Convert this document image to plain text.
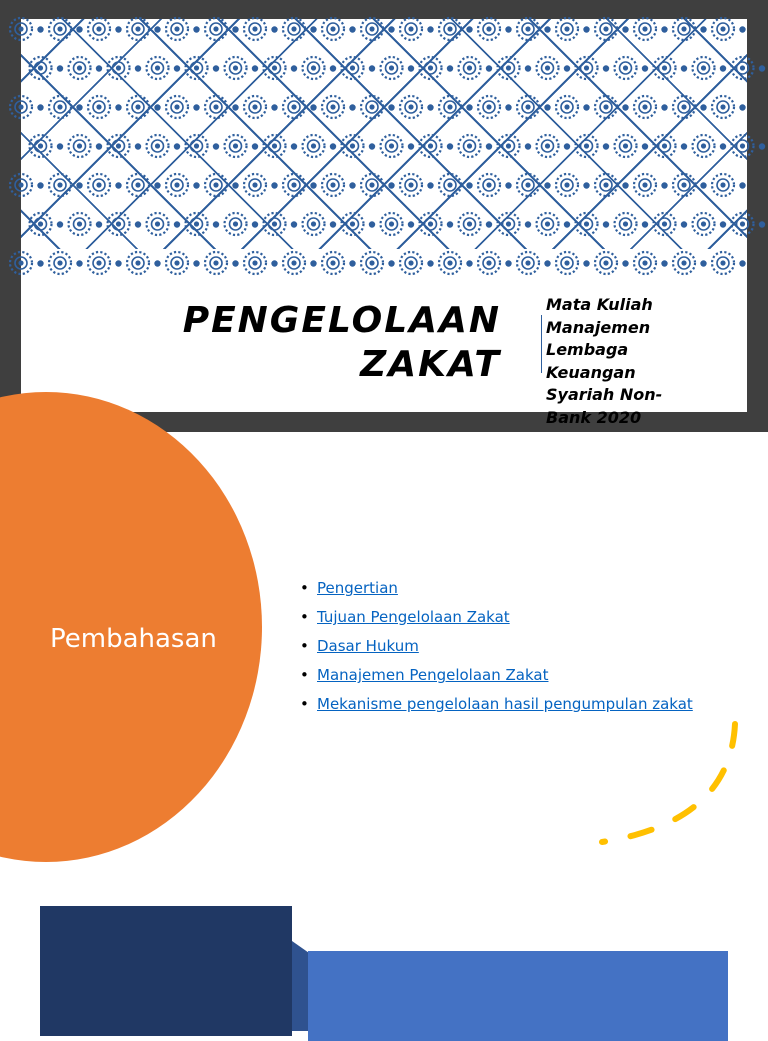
PENGELOLAAN
ZAKAT
Mata Kuliah
Manajemen
Lembaga
Keuangan
Syariah Non-
Bank 2020
Pembahasan
• Pengertian
• Tujuan Pengelolaan Zakat
• Dasar Hukum
• Manajemen Pengelolaan Zakat
• Mekanisme pengelolaan hasil pengumpulan zakat
